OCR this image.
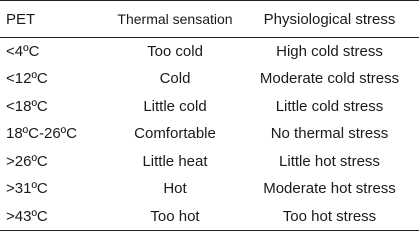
PET	Thermal sensation	Physiological stress
<4ºC	Too cold	High cold stress
<12ºC	Cold	Moderate cold stress
<18ºC	Little cold	Little cold stress
18ºC-26ºC	Comfortable	No thermal stress
>26ºC	Little heat	Little hot stress
>31ºC	Hot	Moderate hot stress
>43ºC	Too hot	Too hot stress
